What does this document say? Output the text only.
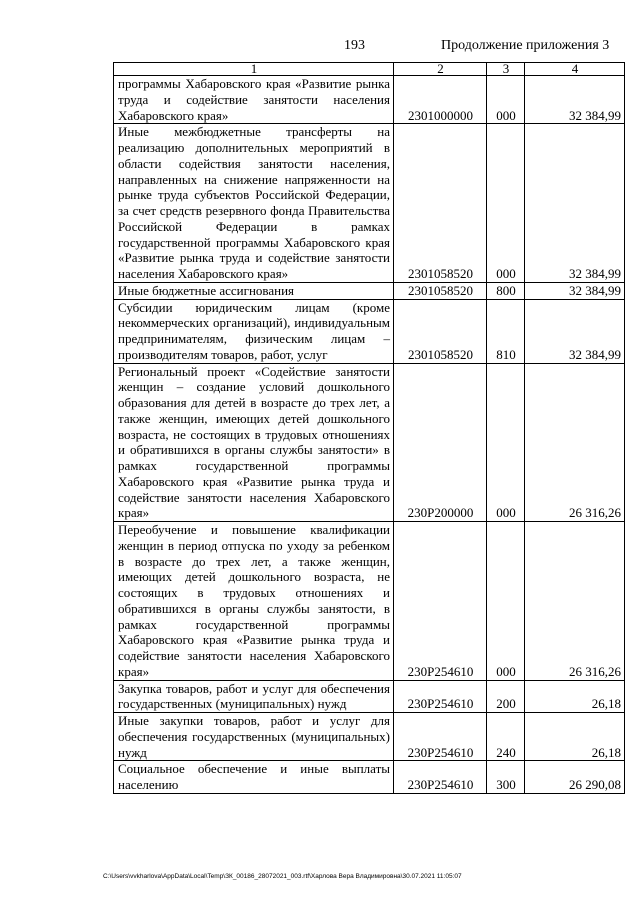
193	Продолжение приложения 3
1	2	3	4
программы Хабаровского края «Развитие рынка труда и содействие занятости населения Хабаровского края»	2301000000	000	32 384,99
Иные межбюджетные трансферты на реализацию дополнительных мероприятий в области содействия занятости населения, направленных на снижение напряженности на рынке труда субъектов Российской Федерации, за счет средств резервного фонда Правительства Российской Федерации в рамках государственной программы Хабаровского края «Развитие рынка труда и содействие занятости населения Хабаровского края»	2301058520	000	32 384,99
Иные бюджетные ассигнования	2301058520	800	32 384,99
Субсидии юридическим лицам (кроме некоммерческих организаций), индивидуальным предпринимателям, физическим лицам – производителям товаров, работ, услуг	2301058520	810	32 384,99
Региональный проект «Содействие занятости женщин – создание условий дошкольного образования для детей в возрасте до трех лет, а также женщин, имеющих детей дошкольного возраста, не состоящих в трудовых отношениях и обратившихся в органы службы занятости» в рамках государственной программы Хабаровского края «Развитие рынка труда и содействие занятости населения Хабаровского края»	230P200000	000	26 316,26
Переобучение и повышение квалификации женщин в период отпуска по уходу за ребенком в возрасте до трех лет, а также женщин, имеющих детей дошкольного возраста, не состоящих в трудовых отношениях и обратившихся в органы службы занятости, в рамках государственной программы Хабаровского края «Развитие рынка труда и содействие занятости населения Хабаровского края»	230P254610	000	26 316,26
Закупка товаров, работ и услуг для обеспечения государственных (муниципальных) нужд	230P254610	200	26,18
Иные закупки товаров, работ и услуг для обеспечения государственных (муниципальных) нужд	230P254610	240	26,18
Социальное обеспечение и иные выплаты населению	230P254610	300	26 290,08
C:\Users\vvkharlova\AppData\Local\Temp\ЗК_00186_28072021_003.rtf\Харлова Вера Владимировна\30.07.2021 11:05:07
